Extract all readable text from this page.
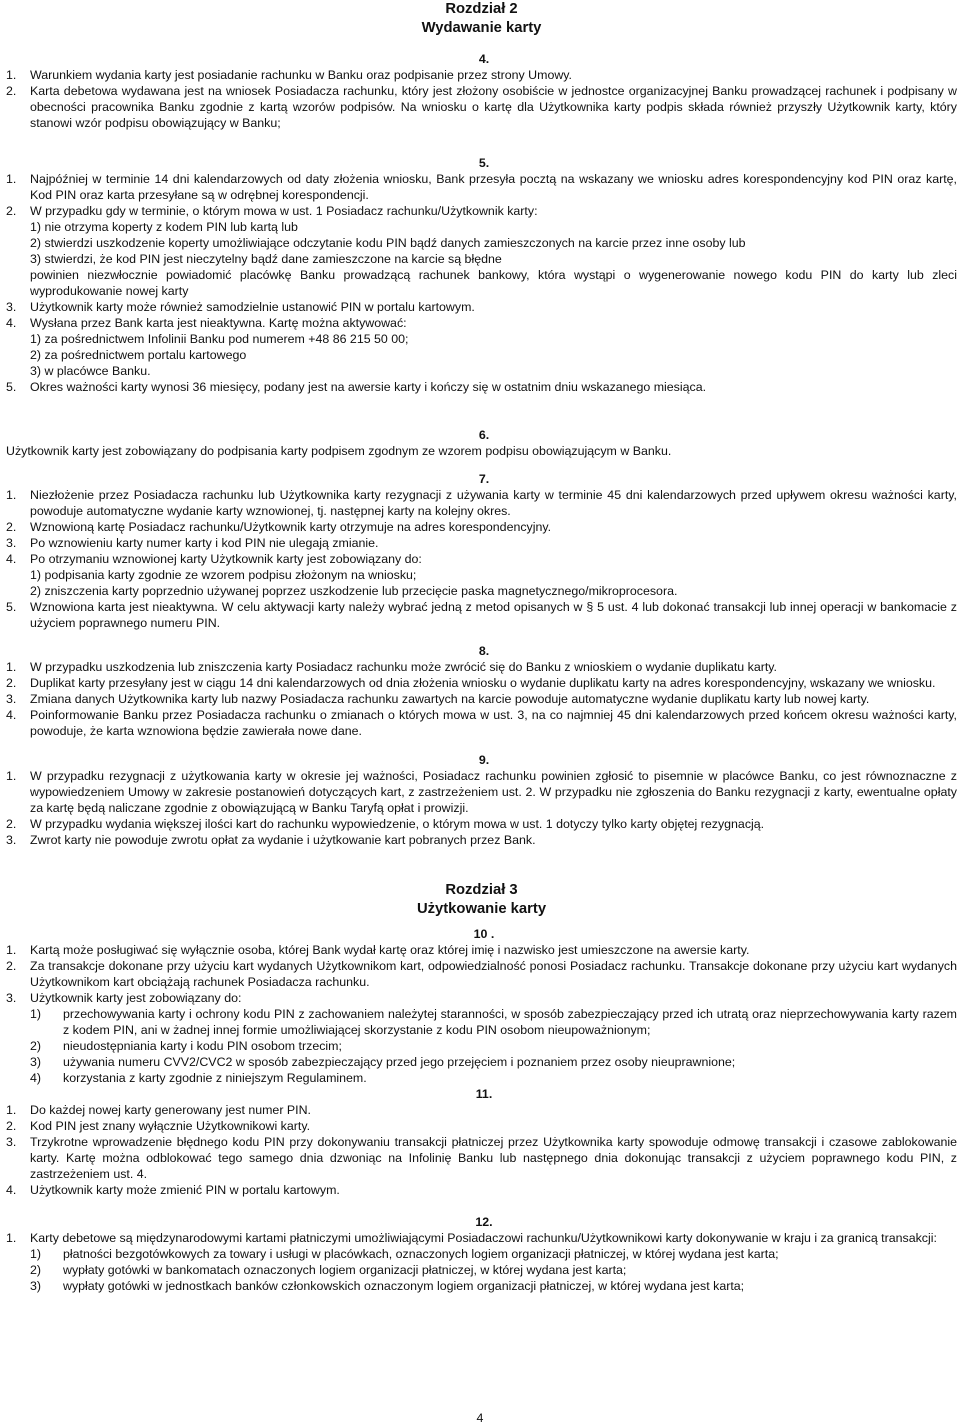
Rozdział 2
Wydawanie karty
4.
1. Warunkiem wydania karty jest posiadanie rachunku w Banku oraz podpisanie przez strony Umowy.
2. Karta debetowa wydawana jest na wniosek Posiadacza rachunku, który jest złożony osobiście w jednostce organizacyjnej Banku prowadzącej rachunek i podpisany w obecności pracownika Banku zgodnie z kartą wzorów podpisów. Na wniosku o kartę dla Użytkownika karty podpis składa również przyszły Użytkownik karty, który stanowi wzór podpisu obowiązujący w Banku;
5.
1. Najpóźniej w terminie 14 dni kalendarzowych od daty złożenia wniosku, Bank przesyła pocztą na wskazany we wniosku adres korespondencyjny kod PIN oraz kartę, Kod PIN oraz karta przesyłane są w odrębnej korespondencji.
2. W przypadku gdy w terminie, o którym mowa w ust. 1 Posiadacz rachunku/Użytkownik karty:
1) nie otrzyma koperty z kodem PIN lub kartą lub
2) stwierdzi uszkodzenie koperty umożliwiające odczytanie kodu PIN bądź danych zamieszczonych na karcie przez inne osoby lub
3) stwierdzi, że kod PIN jest nieczytelny bądź dane zamieszczone na karcie są błędne
powinien niezwłocznie powiadomić placówkę Banku prowadzącą rachunek bankowy, która wystąpi o wygenerowanie nowego kodu PIN do karty lub zleci wyprodukowanie nowej karty
3. Użytkownik karty może również samodzielnie ustanowić PIN w portalu kartowym.
4. Wysłana przez Bank karta jest nieaktywna. Kartę można aktywować:
1) za pośrednictwem Infolinii Banku pod numerem +48 86 215 50 00;
2) za pośrednictwem portalu kartowego
3) w placówce Banku.
5. Okres ważności karty wynosi 36 miesięcy, podany jest na awersie karty i kończy się w ostatnim dniu wskazanego miesiąca.
6.
Użytkownik karty jest zobowiązany do podpisania karty podpisem zgodnym ze wzorem podpisu obowiązującym w Banku.
7.
1. Niezłożenie przez Posiadacza rachunku lub Użytkownika karty rezygnacji z używania karty w terminie 45 dni kalendarzowych przed upływem okresu ważności karty, powoduje automatyczne wydanie karty wznowionej, tj. następnej karty na kolejny okres.
2. Wznowioną kartę Posiadacz rachunku/Użytkownik karty otrzymuje na adres korespondencyjny.
3. Po wznowieniu karty numer karty i kod PIN nie ulegają zmianie.
4. Po otrzymaniu wznowionej karty Użytkownik karty jest zobowiązany do:
1) podpisania karty zgodnie ze wzorem podpisu złożonym na wniosku;
2) zniszczenia karty poprzednio używanej poprzez uszkodzenie lub przecięcie paska magnetycznego/mikroprocesora.
5. Wznowiona karta jest nieaktywna. W celu aktywacji karty należy wybrać jedną z metod opisanych w § 5 ust. 4 lub dokonać transakcji lub innej operacji w bankomacie z użyciem poprawnego numeru PIN.
8.
1. W przypadku uszkodzenia lub zniszczenia karty Posiadacz rachunku może zwrócić się do Banku z wnioskiem o wydanie duplikatu karty.
2. Duplikat karty przesyłany jest w ciągu 14 dni kalendarzowych od dnia złożenia wniosku o wydanie duplikatu karty na adres korespondencyjny, wskazany we wniosku.
3. Zmiana danych Użytkownika karty lub nazwy Posiadacza rachunku zawartych na karcie powoduje automatyczne wydanie duplikatu karty lub nowej karty.
4. Poinformowanie Banku przez Posiadacza rachunku o zmianach o których mowa w ust. 3, na co najmniej 45 dni kalendarzowych przed końcem okresu ważności karty, powoduje, że karta wznowiona będzie zawierała nowe dane.
9.
1. W przypadku rezygnacji z użytkowania karty w okresie jej ważności, Posiadacz rachunku powinien zgłosić to pisemnie w placówce Banku, co jest równoznaczne z wypowiedzeniem Umowy w zakresie postanowień dotyczących kart, z zastrzeżeniem ust. 2. W przypadku nie zgłoszenia do Banku rezygnacji z karty, ewentualne opłaty za kartę będą naliczane zgodnie z obowiązującą w Banku Taryfą opłat i prowizji.
2. W przypadku wydania większej ilości kart do rachunku wypowiedzenie, o którym mowa w ust. 1 dotyczy tylko karty objętej rezygnacją.
3. Zwrot karty nie powoduje zwrotu opłat za wydanie i użytkowanie kart pobranych przez Bank.
Rozdział 3
Użytkowanie karty
10 .
1. Kartą może posługiwać się wyłącznie osoba, której Bank wydał kartę oraz której imię i nazwisko jest umieszczone na awersie karty.
2. Za transakcje dokonane przy użyciu kart wydanych Użytkownikom kart, odpowiedzialność ponosi Posiadacz rachunku. Transakcje dokonane przy użyciu kart wydanych Użytkownikom kart obciążają rachunek Posiadacza rachunku.
3. Użytkownik karty jest zobowiązany do:
1) przechowywania karty i ochrony kodu PIN z zachowaniem należytej staranności, w sposób zabezpieczający przed ich utratą oraz nieprzechowywania karty razem z kodem PIN, ani w żadnej innej formie umożliwiającej skorzystanie z kodu PIN osobom nieupoważnionym;
2) nieudostępniania karty i kodu PIN osobom trzecim;
3) używania numeru CVV2/CVC2 w sposób zabezpieczający przed jego przejęciem i poznaniem przez osoby nieuprawnione;
4) korzystania z karty zgodnie z niniejszym Regulaminem.
11.
1. Do każdej nowej karty generowany jest numer PIN.
2. Kod PIN jest znany wyłącznie Użytkownikowi karty.
3. Trzykrotne wprowadzenie błędnego kodu PIN przy dokonywaniu transakcji płatniczej przez Użytkownika karty spowoduje odmowę transakcji i czasowe zablokowanie karty. Kartę można odblokować tego samego dnia dzwoniąc na Infolinię Banku lub następnego dnia dokonując transakcji z użyciem poprawnego kodu PIN, z zastrzeżeniem ust. 4.
4. Użytkownik karty może zmienić PIN w portalu kartowym.
12.
1. Karty debetowe są międzynarodowymi kartami płatniczymi umożliwiającymi Posiadaczowi rachunku/Użytkownikowi karty dokonywanie w kraju i za granicą transakcji:
1) płatności bezgotówkowych za towary i usługi w placówkach, oznaczonych logiem organizacji płatniczej, w której wydana jest karta;
2) wypłaty gotówki w bankomatach oznaczonych logiem organizacji płatniczej, w której wydana jest karta;
3) wypłaty gotówki w jednostkach banków członkowskich oznaczonym logiem organizacji płatniczej, w której wydana jest karta;
4
